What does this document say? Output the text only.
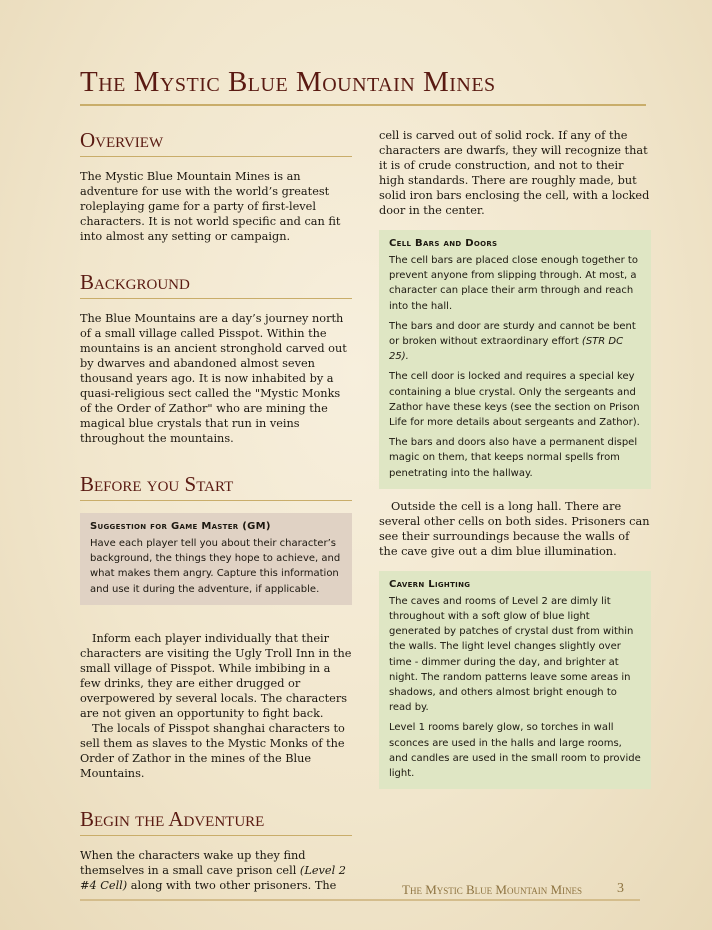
The Mystic Blue Mountain Mines
Overview

The Mystic Blue Mountain Mines is an adventure for use with the world’s greatest roleplaying game for a party of first-level characters. It is not world specific and can fit into almost any setting or campaign.

Background

The Blue Mountains are a day’s journey north of a small village called Pisspot. Within the mountains is an ancient stronghold carved out by dwarves and abandoned almost seven thousand years ago. It is now inhabited by a quasi-religious sect called the "Mystic Monks of the Order of Zathor" who are mining the magical blue crystals that run in veins throughout the mountains.

Before you Start
Suggestion for Game Master (GM)

Have each player tell you about their character’s background, the things they hope to achieve, and what makes them angry. Capture this information and use it during the adventure, if applicable.

Inform each player individually that their characters are visiting the Ugly Troll Inn in the small village of Pisspot. While imbibing in a few drinks, they are either drugged or overpowered by several locals. The characters are not given an opportunity to fight back.

The locals of Pisspot shanghai characters to sell them as slaves to the Mystic Monks of the Order of Zathor in the mines of the Blue Mountains.

Begin the Adventure

When the characters wake up they find themselves in a small cave prison cell (Level 2 #4 Cell) along with two other prisoners. The

cell is carved out of solid rock. If any of the characters are dwarfs, they will recognize that it is of crude construction, and not to their high standards. There are roughly made, but solid iron bars enclosing the cell, with a locked door in the center.

Cell Bars and Doors

The cell bars are placed close enough together to prevent anyone from slipping through. At most, a character can place their arm through and reach into the hall.

The bars and door are sturdy and cannot be bent or broken without extraordinary effort (STR DC 25).

The cell door is locked and requires a special key containing a blue crystal. Only the sergeants and Zathor have these keys (see the section on Prison Life for more details about sergeants and Zathor).

The bars and doors also have a permanent dispel magic on them, that keeps normal spells from penetrating into the hallway.

Outside the cell is a long hall. There are several other cells on both sides. Prisoners can see their surroundings because the walls of the cave give out a dim blue illumination.

Cavern Lighting

The caves and rooms of Level 2 are dimly lit throughout with a soft glow of blue light generated by patches of crystal dust from within the walls. The light level changes slightly over time - dimmer during the day, and brighter at night. The random patterns leave some areas in shadows, and others almost bright enough to read by.

Level 1 rooms barely glow, so torches in wall sconces are used in the halls and large rooms, and candles are used in the small room to provide light.

The Mystic Blue Mountain Mines 3
